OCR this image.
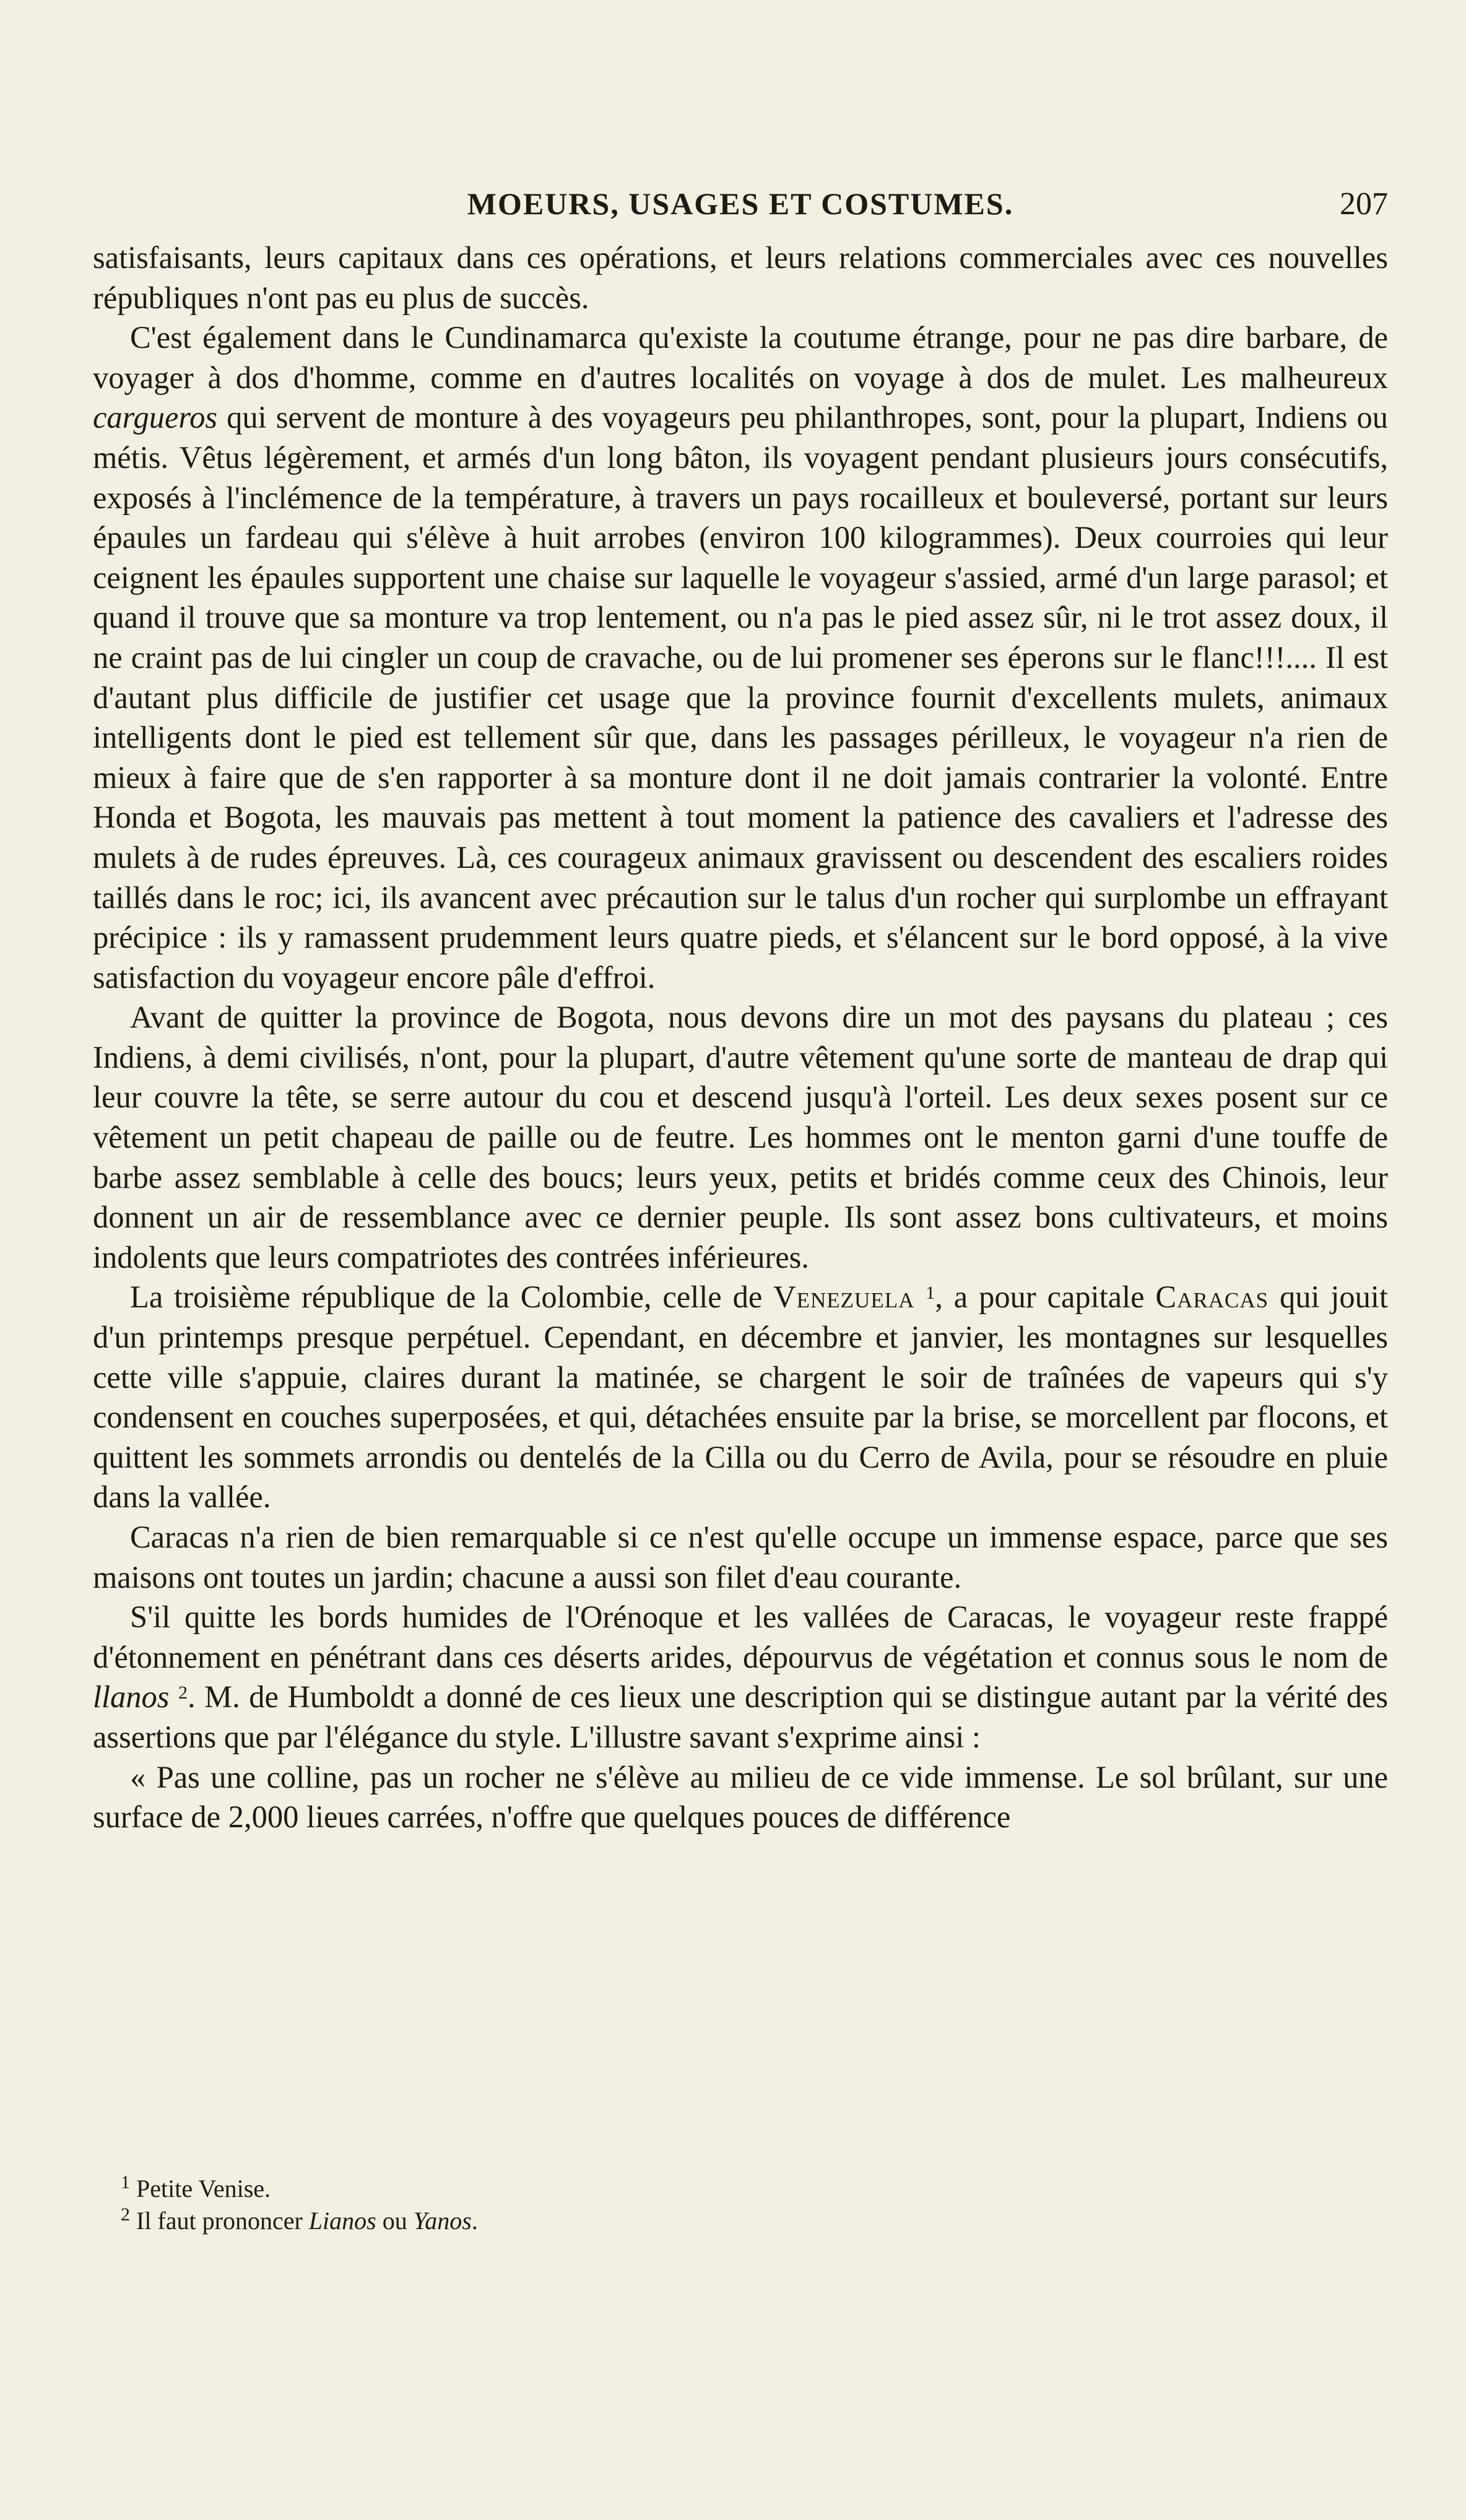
MOEURS, USAGES ET COSTUMES.	207

satisfaisants, leurs capitaux dans ces opérations, et leurs relations commerciales avec ces nouvelles républiques n'ont pas eu plus de succès.

C'est également dans le Cundinamarca qu'existe la coutume étrange, pour ne pas dire barbare, de voyager à dos d'homme, comme en d'autres localités on voyage à dos de mulet. Les malheureux cargueros qui servent de monture à des voyageurs peu philanthropes, sont, pour la plupart, Indiens ou métis. Vêtus légèrement, et armés d'un long bâton, ils voyagent pendant plusieurs jours consécutifs, exposés à l'inclémence de la température, à travers un pays rocailleux et bouleversé, portant sur leurs épaules un fardeau qui s'élève à huit arrobes (environ 100 kilogrammes). Deux courroies qui leur ceignent les épaules supportent une chaise sur laquelle le voyageur s'assied, armé d'un large parasol; et quand il trouve que sa monture va trop lentement, ou n'a pas le pied assez sûr, ni le trot assez doux, il ne craint pas de lui cingler un coup de cravache, ou de lui promener ses éperons sur le flanc!!!.... Il est d'autant plus difficile de justifier cet usage que la province fournit d'excellents mulets, animaux intelligents dont le pied est tellement sûr que, dans les passages périlleux, le voyageur n'a rien de mieux à faire que de s'en rapporter à sa monture dont il ne doit jamais contrarier la volonté. Entre Honda et Bogota, les mauvais pas mettent à tout moment la patience des cavaliers et l'adresse des mulets à de rudes épreuves. Là, ces courageux animaux gravissent ou descendent des escaliers roides taillés dans le roc; ici, ils avancent avec précaution sur le talus d'un rocher qui surplombe un effrayant précipice : ils y ramassent prudemment leurs quatre pieds, et s'élancent sur le bord opposé, à la vive satisfaction du voyageur encore pâle d'effroi.

Avant de quitter la province de Bogota, nous devons dire un mot des paysans du plateau ; ces Indiens, à demi civilisés, n'ont, pour la plupart, d'autre vêtement qu'une sorte de manteau de drap qui leur couvre la tête, se serre autour du cou et descend jusqu'à l'orteil. Les deux sexes posent sur ce vêtement un petit chapeau de paille ou de feutre. Les hommes ont le menton garni d'une touffe de barbe assez semblable à celle des boucs; leurs yeux, petits et bridés comme ceux des Chinois, leur donnent un air de ressemblance avec ce dernier peuple. Ils sont assez bons cultivateurs, et moins indolents que leurs compatriotes des contrées inférieures.

La troisième république de la Colombie, celle de Venezuela $^1$, a pour capitale Caracas qui jouit d'un printemps presque perpétuel. Cependant, en décembre et janvier, les montagnes sur lesquelles cette ville s'appuie, claires durant la matinée, se chargent le soir de traînées de vapeurs qui s'y condensent en couches superposées, et qui, détachées ensuite par la brise, se morcellent par flocons, et quittent les sommets arrondis ou dentelés de la Cilla ou du Cerro de Avila, pour se résoudre en pluie dans la vallée.

Caracas n'a rien de bien remarquable si ce n'est qu'elle occupe un immense espace, parce que ses maisons ont toutes un jardin; chacune a aussi son filet d'eau courante.

S'il quitte les bords humides de l'Orénoque et les vallées de Caracas, le voyageur reste frappé d'étonnement en pénétrant dans ces déserts arides, dépourvus de végétation et connus sous le nom de llanos $^2$. M. de Humboldt a donné de ces lieux une description qui se distingue autant par la vérité des assertions que par l'élégance du style. L'illustre savant s'exprime ainsi :

« Pas une colline, pas un rocher ne s'élève au milieu de ce vide immense. Le sol brûlant, sur une surface de 2,000 lieues carrées, n'offre que quelques pouces de différence

$^1$ Petite Venise.

$^2$ Il faut prononcer Lianos ou Yanos.
